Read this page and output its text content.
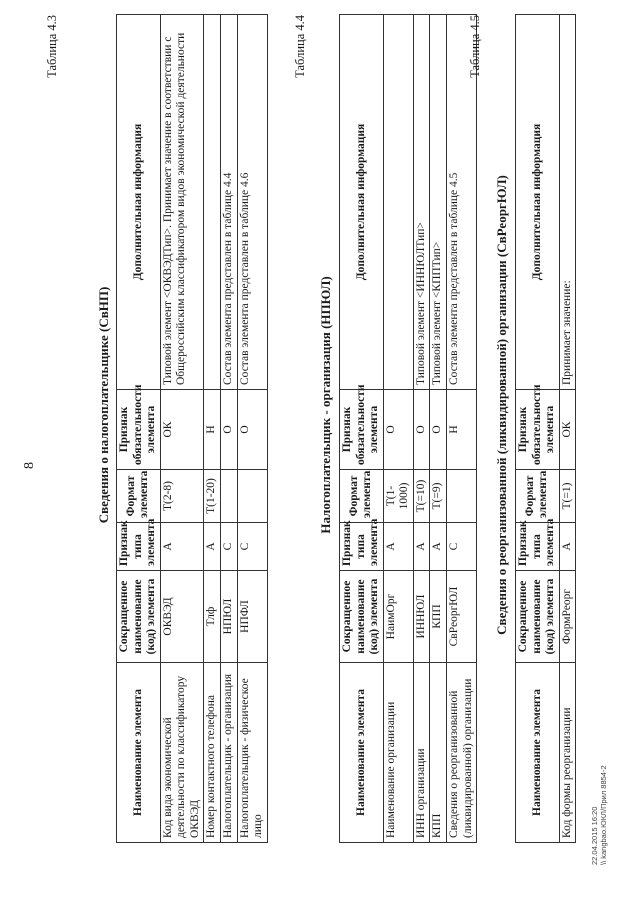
8
Таблица 4.3
Сведения о налогоплательщике (СвНП)
Наименование элемента	Сокращенное наименование (код) элемента	Признак типа элемента	Формат элемента	Признак обязательности элемента	Дополнительная информация
Код вида экономической деятельности по классификатору ОКВЭД	ОКВЭД	А	Т(2-8)	ОК	Типовой элемент <ОКВЭДТип>. Принимает значение в соответствии с Общероссийским классификатором видов экономической деятельности
Номер контактного телефона	Тлф	А	Т(1-20)	Н	
Налогоплательщик - организация	НПЮЛ	С		О	Состав элемента представлен в таблице 4.4
Налогоплательщик - физическое лицо	НПФЛ	С		О	Состав элемента представлен в таблице 4.6
Таблица 4.4
Налогоплательщик - организация (НПЮЛ)
Наименование элемента	Сокращенное наименование (код) элемента	Признак типа элемента	Формат элемента	Признак обязательности элемента	Дополнительная информация
Наименование организации	НаимОрг	А	Т(1-1000)	О	
ИНН организации	ИННЮЛ	А	Т(=10)	О	Типовой элемент <ИННЮЛТип>
КПП	КПП	А	Т(=9)	О	Типовой элемент <КППТип>
Сведения о реорганизованной (ликвидированной) организации	СвРеоргЮЛ	С		Н	Состав элемента представлен в таблице 4.5
Таблица 4.5
Сведения о реорганизованной (ликвидированной) организации (СвРеоргЮЛ)
Наименование элемента	Сокращенное наименование (код) элемента	Признак типа элемента	Формат элемента	Признак обязательности элемента	Дополнительная информация
Код формы реорганизации	ФормРеорг	А	Т(=1)	ОК	Принимает значение:
22.04.2015 16:20 \\ kangbao.ЮКЛ/Прил 8854-2
